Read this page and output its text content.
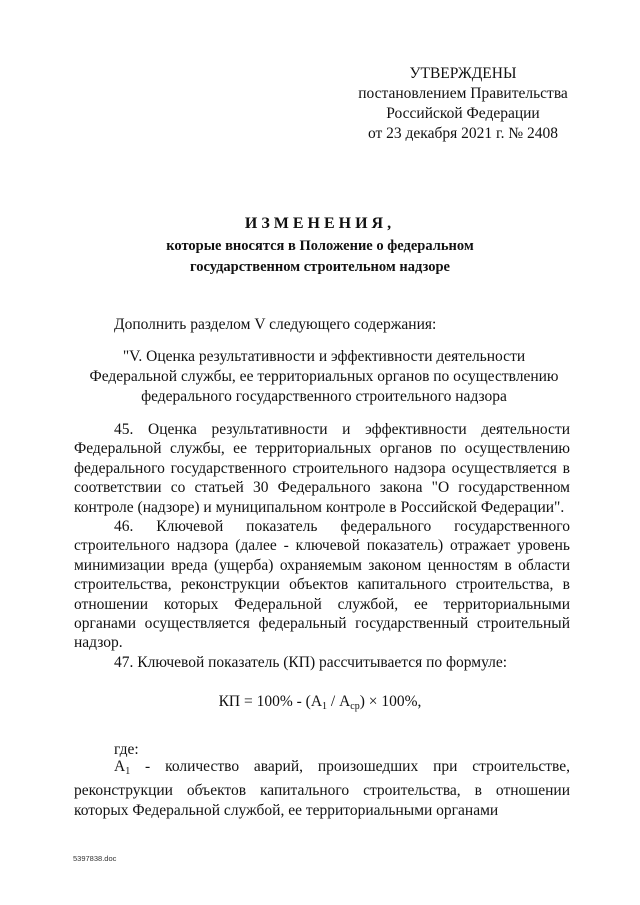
УТВЕРЖДЕНЫ
постановлением Правительства
Российской Федерации
от 23 декабря 2021 г. № 2408
ИЗМЕНЕНИЯ,
которые вносятся в Положение о федеральном
государственном строительном надзоре
Дополнить разделом V следующего содержания:
"V. Оценка результативности и эффективности деятельности
Федеральной службы, ее территориальных органов по осуществлению
федерального государственного строительного надзора

45. Оценка результативности и эффективности деятельности Федеральной службы, ее территориальных органов по осуществлению федерального государственного строительного надзора осуществляется в соответствии со статьей 30 Федерального закона "О государственном контроле (надзоре) и муниципальном контроле в Российской Федерации".

46. Ключевой показатель федерального государственного строительного надзора (далее - ключевой показатель) отражает уровень минимизации вреда (ущерба) охраняемым законом ценностям в области строительства, реконструкции объектов капитального строительства, в отношении которых Федеральной службой, ее территориальными органами осуществляется федеральный государственный строительный надзор.

47. Ключевой показатель (КП) рассчитывается по формуле:

КП = $100\% - (А_1 / А_{ср}) \times 100\%$,
где:

$А_1$ - количество аварий, произошедших при строительстве, реконструкции объектов капитального строительства, в отношении которых Федеральной службой, ее территориальными органами

5397838.doc
